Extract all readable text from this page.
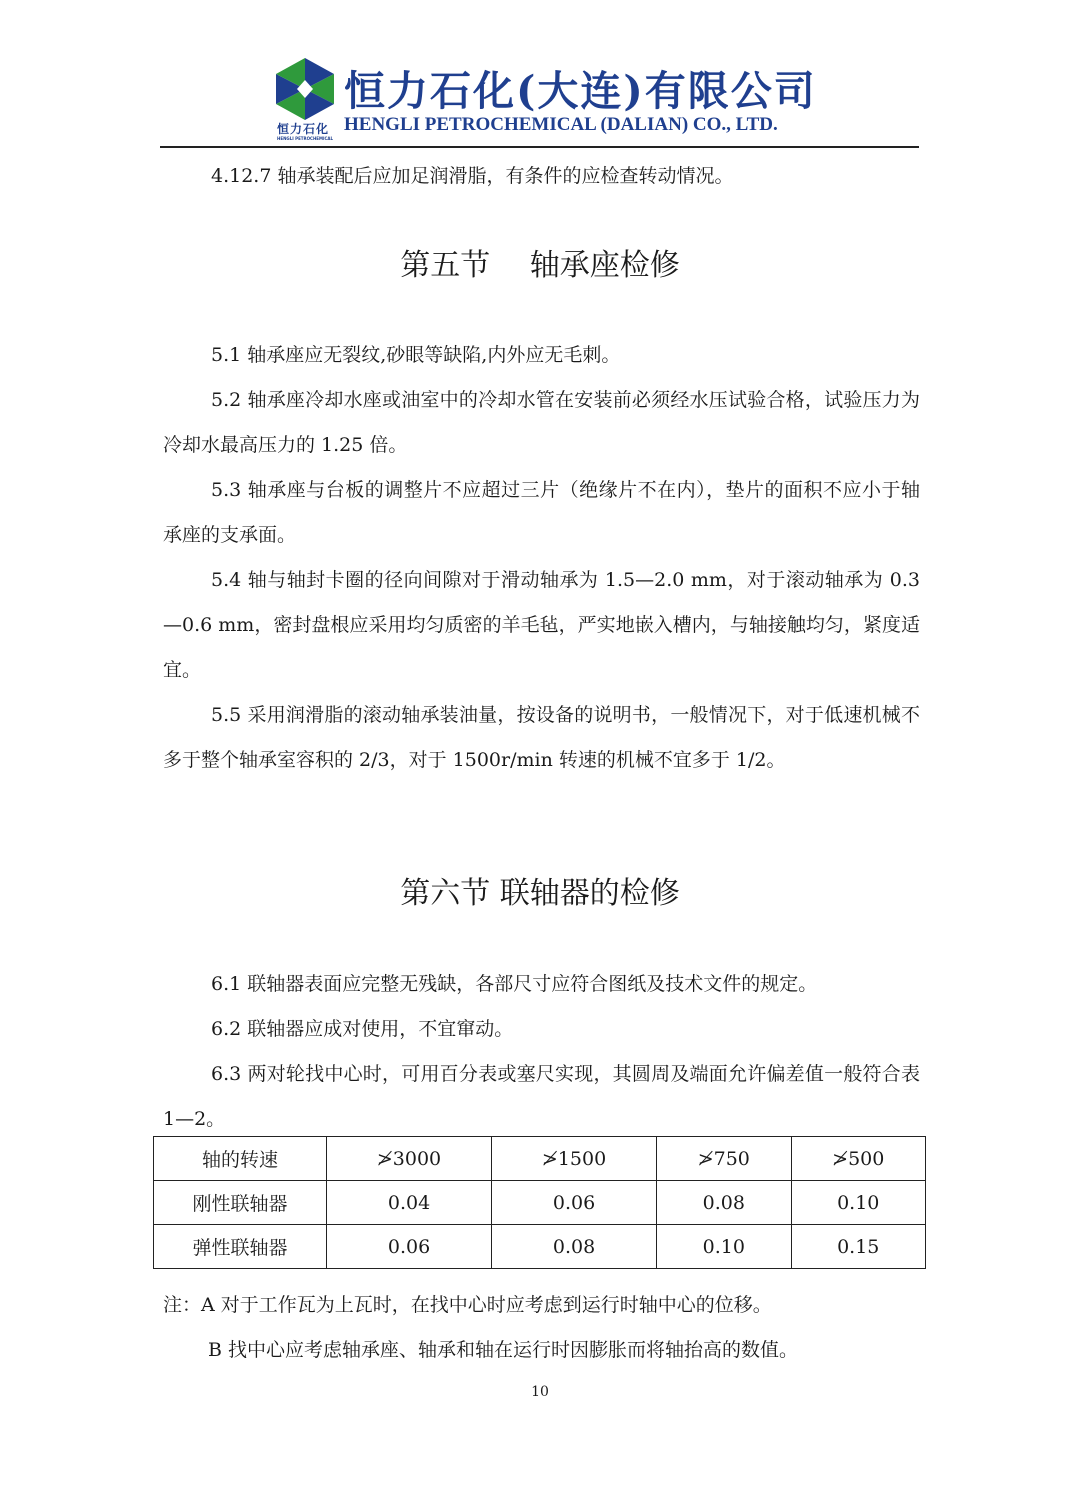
恒力石化
HENGLI PETROCHEMICAL
恒力石化(大连)有限公司
HENGLI PETROCHEMICAL (DALIAN) CO., LTD.

4.12.7 轴承装配后应加足润滑脂，有条件的应检查转动情况。

第五节　 轴承座检修

5.1 轴承座应无裂纹,砂眼等缺陷,内外应无毛刺。

5.2 轴承座冷却水座或油室中的冷却水管在安装前必须经水压试验合格，试验压力为冷却水最高压力的 1.25 倍。

5.3 轴承座与台板的调整片不应超过三片（绝缘片不在内），垫片的面积不应小于轴承座的支承面。

5.4 轴与轴封卡圈的径向间隙对于滑动轴承为 1.5—2.0 mm，对于滚动轴承为 0.3—0.6 mm，密封盘根应采用均匀质密的羊毛毡，严实地嵌入槽内，与轴接触均匀，紧度适宜。

5.5 采用润滑脂的滚动轴承装油量，按设备的说明书，一般情况下，对于低速机械不多于整个轴承室容积的 2/3，对于 1500r/min 转速的机械不宜多于 1/2。

第六节 联轴器的检修

6.1 联轴器表面应完整无残缺，各部尺寸应符合图纸及技术文件的规定。

6.2 联轴器应成对使用，不宜窜动。

6.3 两对轮找中心时，可用百分表或塞尺实现，其圆周及端面允许偏差值一般符合表 1—2。

轴的转速	≯3000	≯1500	≯750	≯500
刚性联轴器	0.04	0.06	0.08	0.10
弹性联轴器	0.06	0.08	0.10	0.15

注：A 对于工作瓦为上瓦时，在找中心时应考虑到运行时轴中心的位移。

B 找中心应考虑轴承座、轴承和轴在运行时因膨胀而将轴抬高的数值。

10
